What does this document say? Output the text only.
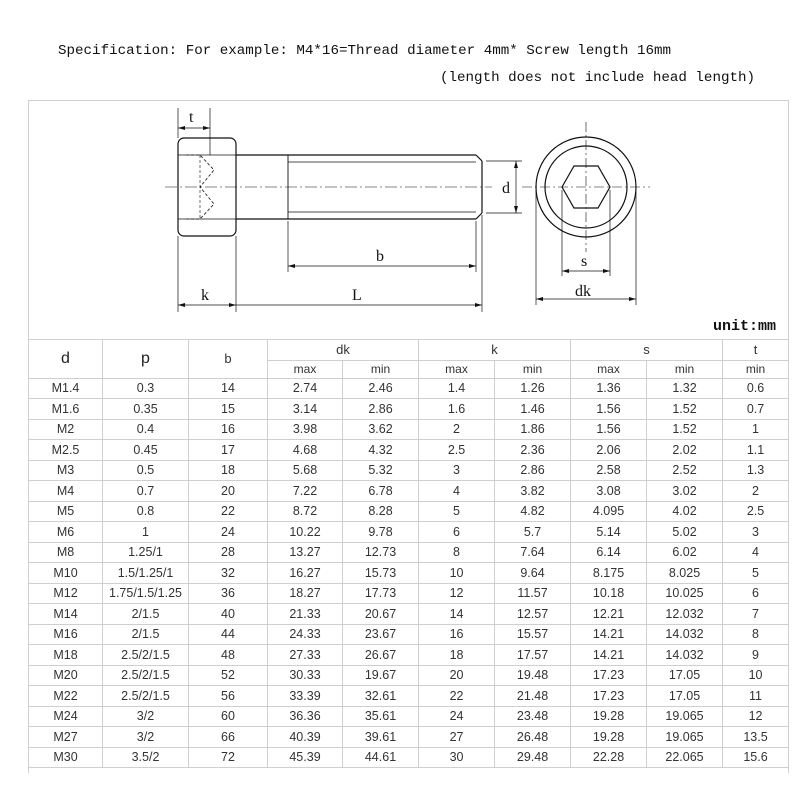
Specification: For example: M4*16=Thread diameter 4mm* Screw length 16mm
(length does not include head length)
t
d
b
k	L
s
dk
unit:mm
d	p	b	dk		k		s		t
			max	min	max	min	max	min	min
M1.4	0.3	14	2.74	2.46	1.4	1.26	1.36	1.32	0.6
M1.6	0.35	15	3.14	2.86	1.6	1.46	1.56	1.52	0.7
M2	0.4	16	3.98	3.62	2	1.86	1.56	1.52	1
M2.5	0.45	17	4.68	4.32	2.5	2.36	2.06	2.02	1.1
M3	0.5	18	5.68	5.32	3	2.86	2.58	2.52	1.3
M4	0.7	20	7.22	6.78	4	3.82	3.08	3.02	2
M5	0.8	22	8.72	8.28	5	4.82	4.095	4.02	2.5
M6	1	24	10.22	9.78	6	5.7	5.14	5.02	3
M8	1.25/1	28	13.27	12.73	8	7.64	6.14	6.02	4
M10	1.5/1.25/1	32	16.27	15.73	10	9.64	8.175	8.025	5
M12	1.75/1.5/1.25	36	18.27	17.73	12	11.57	10.18	10.025	6
M14	2/1.5	40	21.33	20.67	14	12.57	12.21	12.032	7
M16	2/1.5	44	24.33	23.67	16	15.57	14.21	14.032	8
M18	2.5/2/1.5	48	27.33	26.67	18	17.57	14.21	14.032	9
M20	2.5/2/1.5	52	30.33	19.67	20	19.48	17.23	17.05	10
M22	2.5/2/1.5	56	33.39	32.61	22	21.48	17.23	17.05	11
M24	3/2	60	36.36	35.61	24	23.48	19.28	19.065	12
M27	3/2	66	40.39	39.61	27	26.48	19.28	19.065	13.5
M30	3.5/2	72	45.39	44.61	30	29.48	22.28	22.065	15.6
